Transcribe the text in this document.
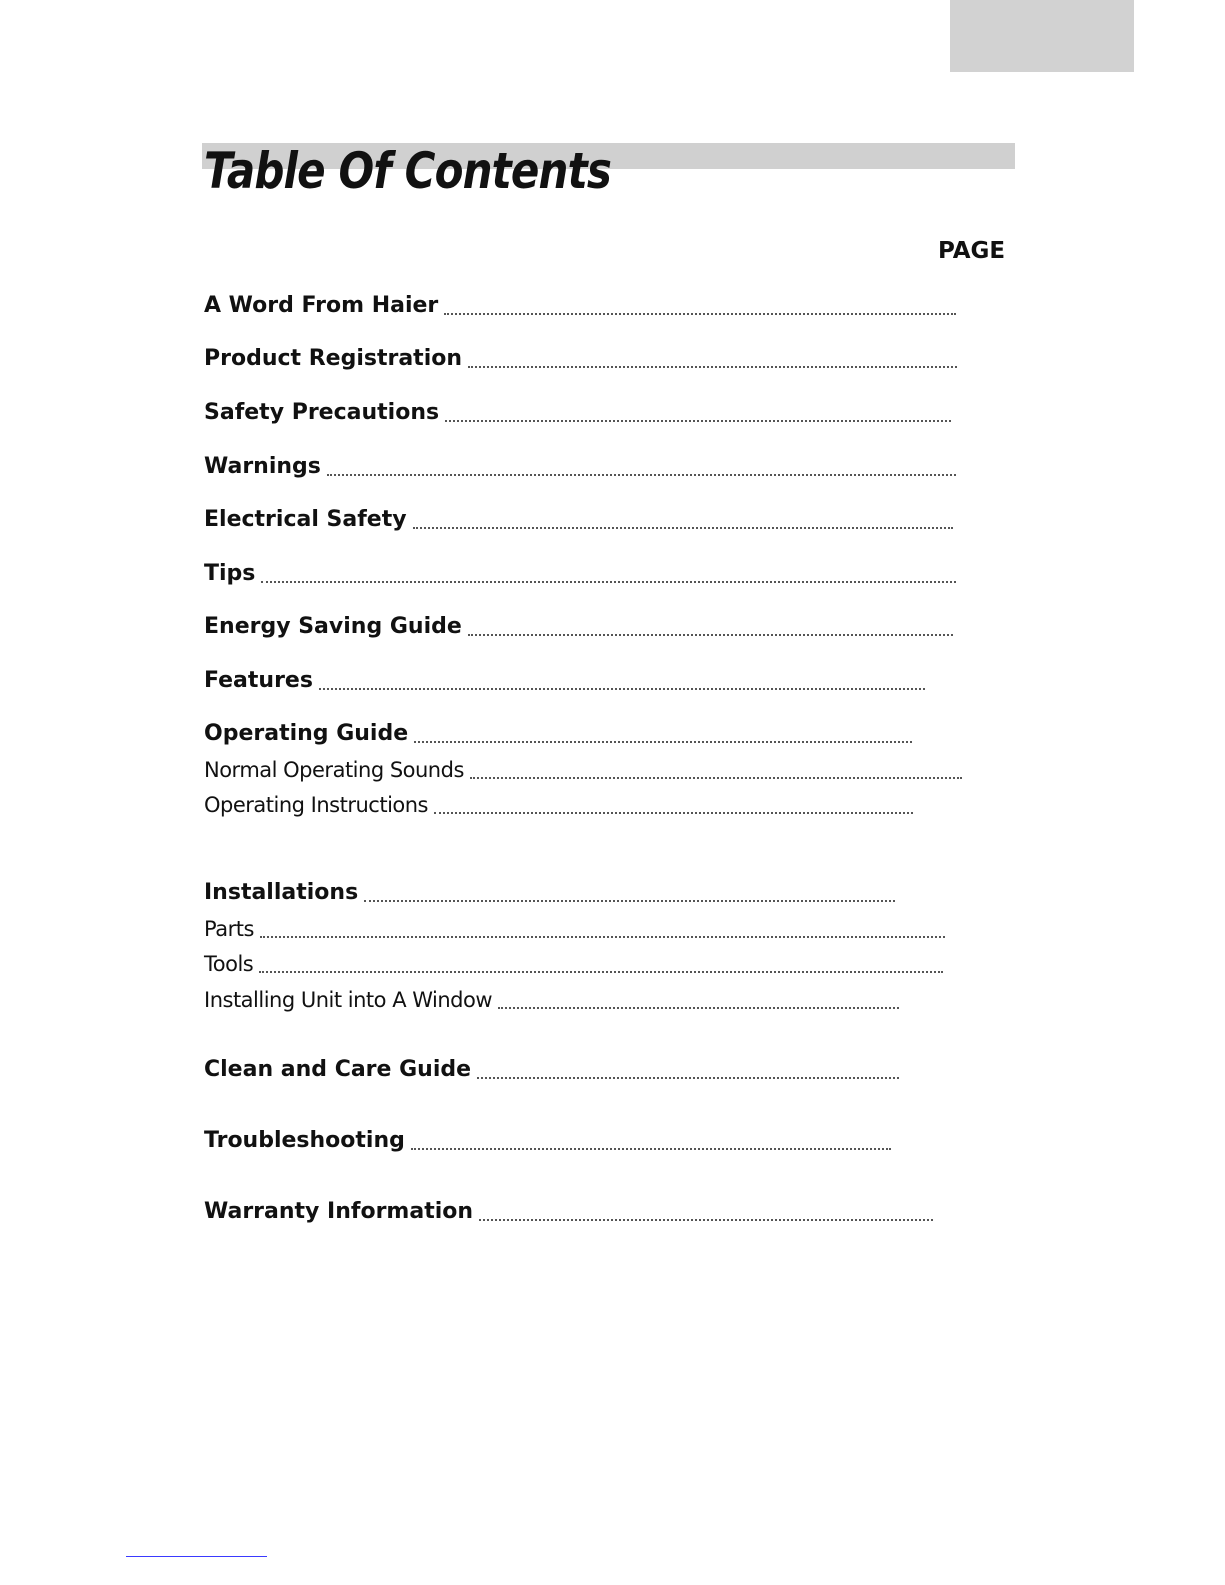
Table Of Contents
PAGE
A Word From Haier
Product Registration
Safety Precautions
Warnings
Electrical Safety
Tips
Energy Saving Guide
Features
Operating Guide
Normal Operating Sounds
Operating Instructions
Installations
Parts
Tools
Installing Unit into A Window
Clean and Care Guide
Troubleshooting
Warranty Information
